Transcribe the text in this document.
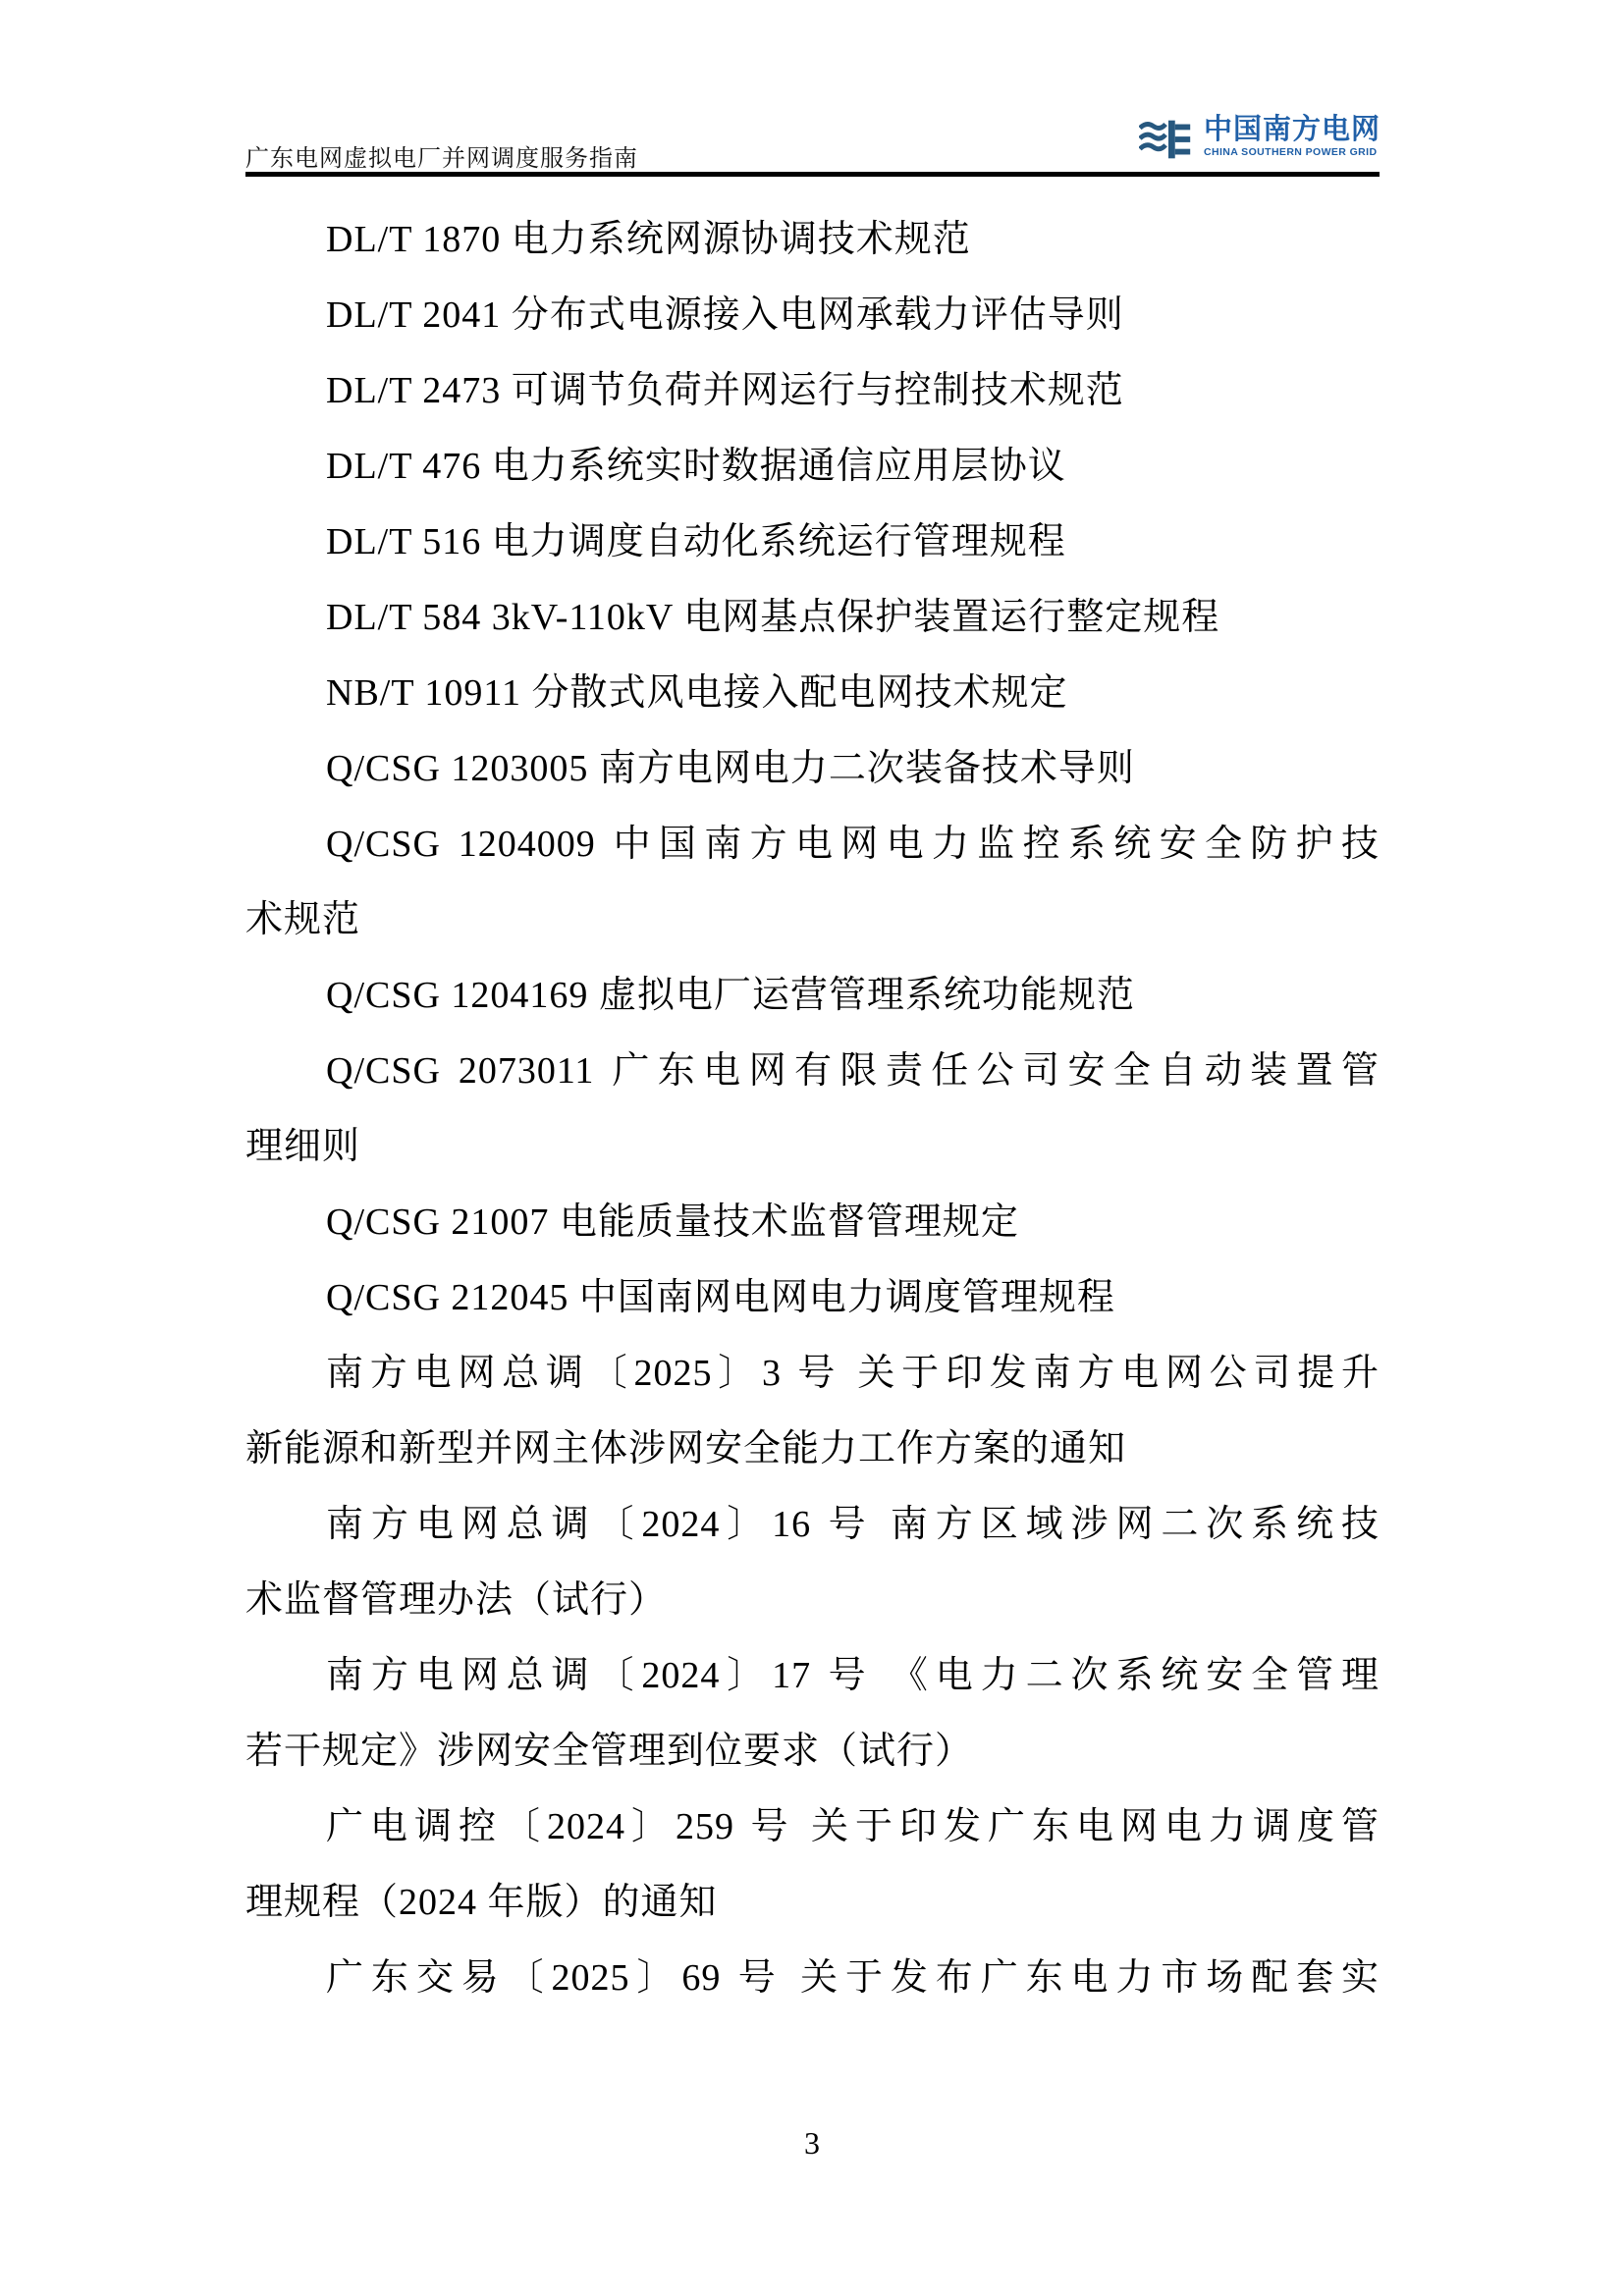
广东电网虚拟电厂并网调度服务指南
中国南方电网
CHINA SOUTHERN POWER GRID
DL/T 1870 电力系统网源协调技术规范
DL/T 2041 分布式电源接入电网承载力评估导则
DL/T 2473 可调节负荷并网运行与控制技术规范
DL/T 476 电力系统实时数据通信应用层协议
DL/T 516 电力调度自动化系统运行管理规程
DL/T 584 3kV-110kV 电网基点保护装置运行整定规程
NB/T 10911 分散式风电接入配电网技术规定
Q/CSG 1203005 南方电网电力二次装备技术导则
Q/CSG 1204009 中国南方电网电力监控系统安全防护技
术规范
Q/CSG 1204169 虚拟电厂运营管理系统功能规范
Q/CSG 2073011 广东电网有限责任公司安全自动装置管
理细则
Q/CSG 21007 电能质量技术监督管理规定
Q/CSG 212045 中国南网电网电力调度管理规程
南方电网总调〔2025〕3 号 关于印发南方电网公司提升
新能源和新型并网主体涉网安全能力工作方案的通知
南方电网总调〔2024〕16 号 南方区域涉网二次系统技
术监督管理办法（试行）
南方电网总调〔2024〕17 号 《电力二次系统安全管理
若干规定》涉网安全管理到位要求（试行）
广电调控〔2024〕259 号 关于印发广东电网电力调度管
理规程（2024 年版）的通知
广东交易〔2025〕69 号 关于发布广东电力市场配套实
3
